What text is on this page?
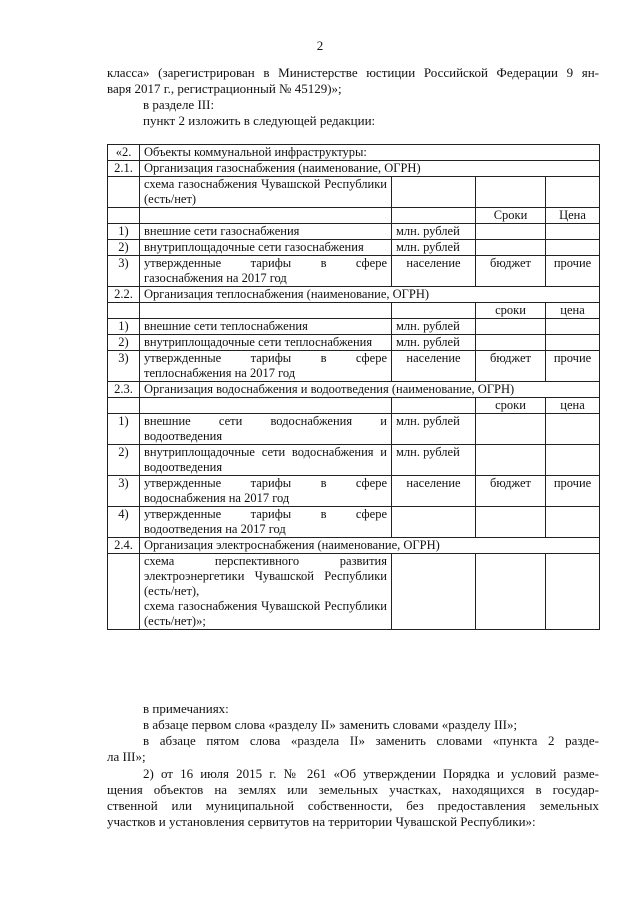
2
класса» (зарегистрирован в Министерстве юстиции Российской Федерации 9 ян-
варя 2017 г., регистрационный № 45129)»;
в разделе III:
пункт 2 изложить в следующей редакции:
«2.	Объекты коммунальной инфраструктуры:			
2.1.	Организация газоснабжения (наименование, ОГРН)			
	схема газоснабжения Чувашской Республики (есть/нет)			
			Сроки	Цена
1)	внешние сети газоснабжения	млн. рублей		
2)	внутриплощадочные сети газоснабжения	млн. рублей		
3)	утвержденные тарифы в сфере газоснабжения на 2017 год	население	бюджет	прочие
2.2.	Организация теплоснабжения (наименование, ОГРН)			
			сроки	цена
1)	внешние сети теплоснабжения	млн. рублей		
2)	внутриплощадочные сети теплоснабжения	млн. рублей		
3)	утвержденные тарифы в сфере теплоснабжения на 2017 год	население	бюджет	прочие
2.3.	Организация водоснабжения и водоотведения (наименование, ОГРН)			
			сроки	цена
1)	внешние сети водоснабжения и водоотведения	млн. рублей		
2)	внутриплощадочные сети водоснабжения и водоотведения	млн. рублей		
3)	утвержденные тарифы в сфере водоснабжения на 2017 год	население	бюджет	прочие
4)	утвержденные тарифы в сфере водоотведения на 2017 год			
2.4.	Организация электроснабжения (наименование, ОГРН)			

	схема перспективного развития электроэнергетики Чувашской Республики (есть/нет),
схема газоснабжения Чувашской Республики (есть/нет)»;			

в примечаниях:
в абзаце первом слова «разделу II» заменить словами «разделу III»;
в абзаце пятом слова «раздела II» заменить словами «пункта 2 разде-
ла III»;
2) от 16 июля 2015 г. № 261 «Об утверждении Порядка и условий разме-
щения объектов на землях или земельных участках, находящихся в государ-
ственной или муниципальной собственности, без предоставления земельных
участков и установления сервитутов на территории Чувашской Республики»:
